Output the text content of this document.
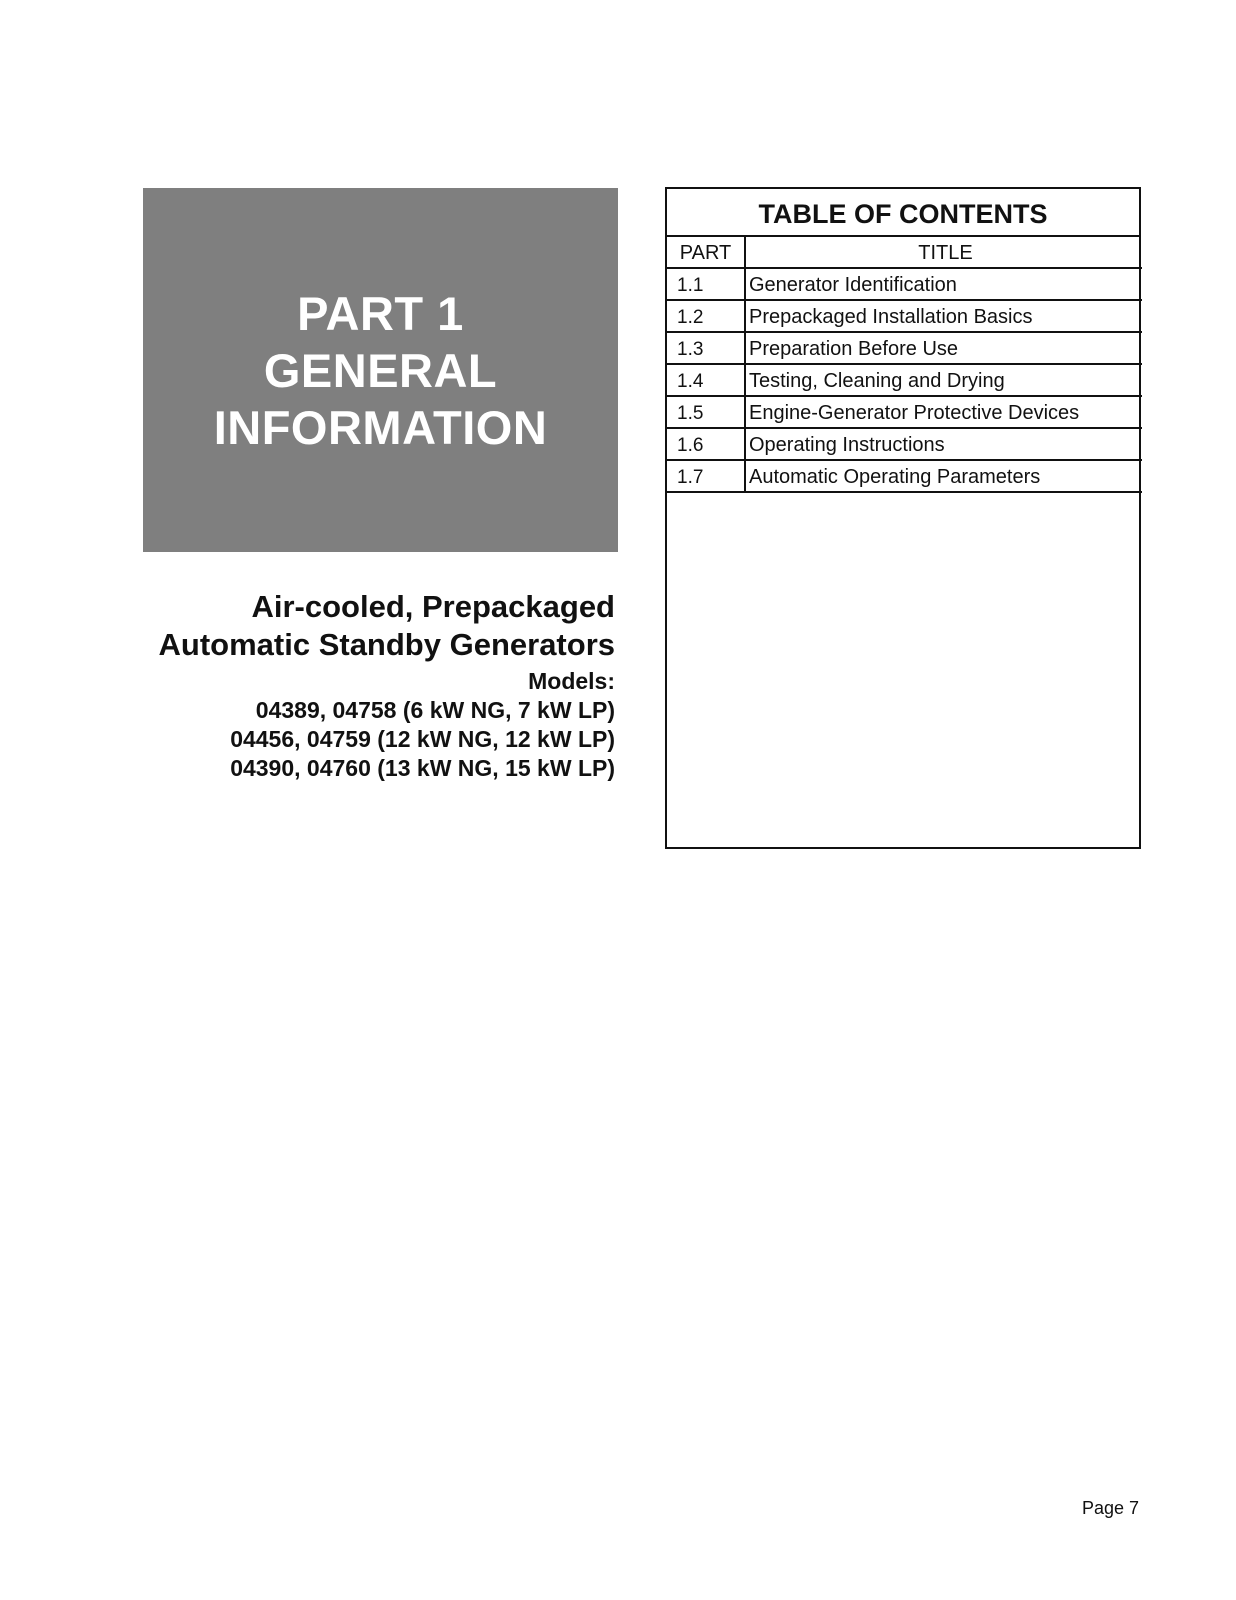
PART 1
GENERAL
INFORMATION
Air-cooled, Prepackaged
Automatic Standby Generators
Models:
04389, 04758 (6 kW NG, 7 kW LP)
04456, 04759 (12 kW NG, 12 kW LP)
04390, 04760 (13 kW NG, 15 kW LP)
TABLE OF CONTENTS
PART	TITLE
1.1	Generator Identification
1.2	Prepackaged Installation Basics
1.3	Preparation Before Use
1.4	Testing, Cleaning and Drying
1.5	Engine-Generator Protective Devices
1.6	Operating Instructions
1.7	Automatic Operating Parameters
Page 7
